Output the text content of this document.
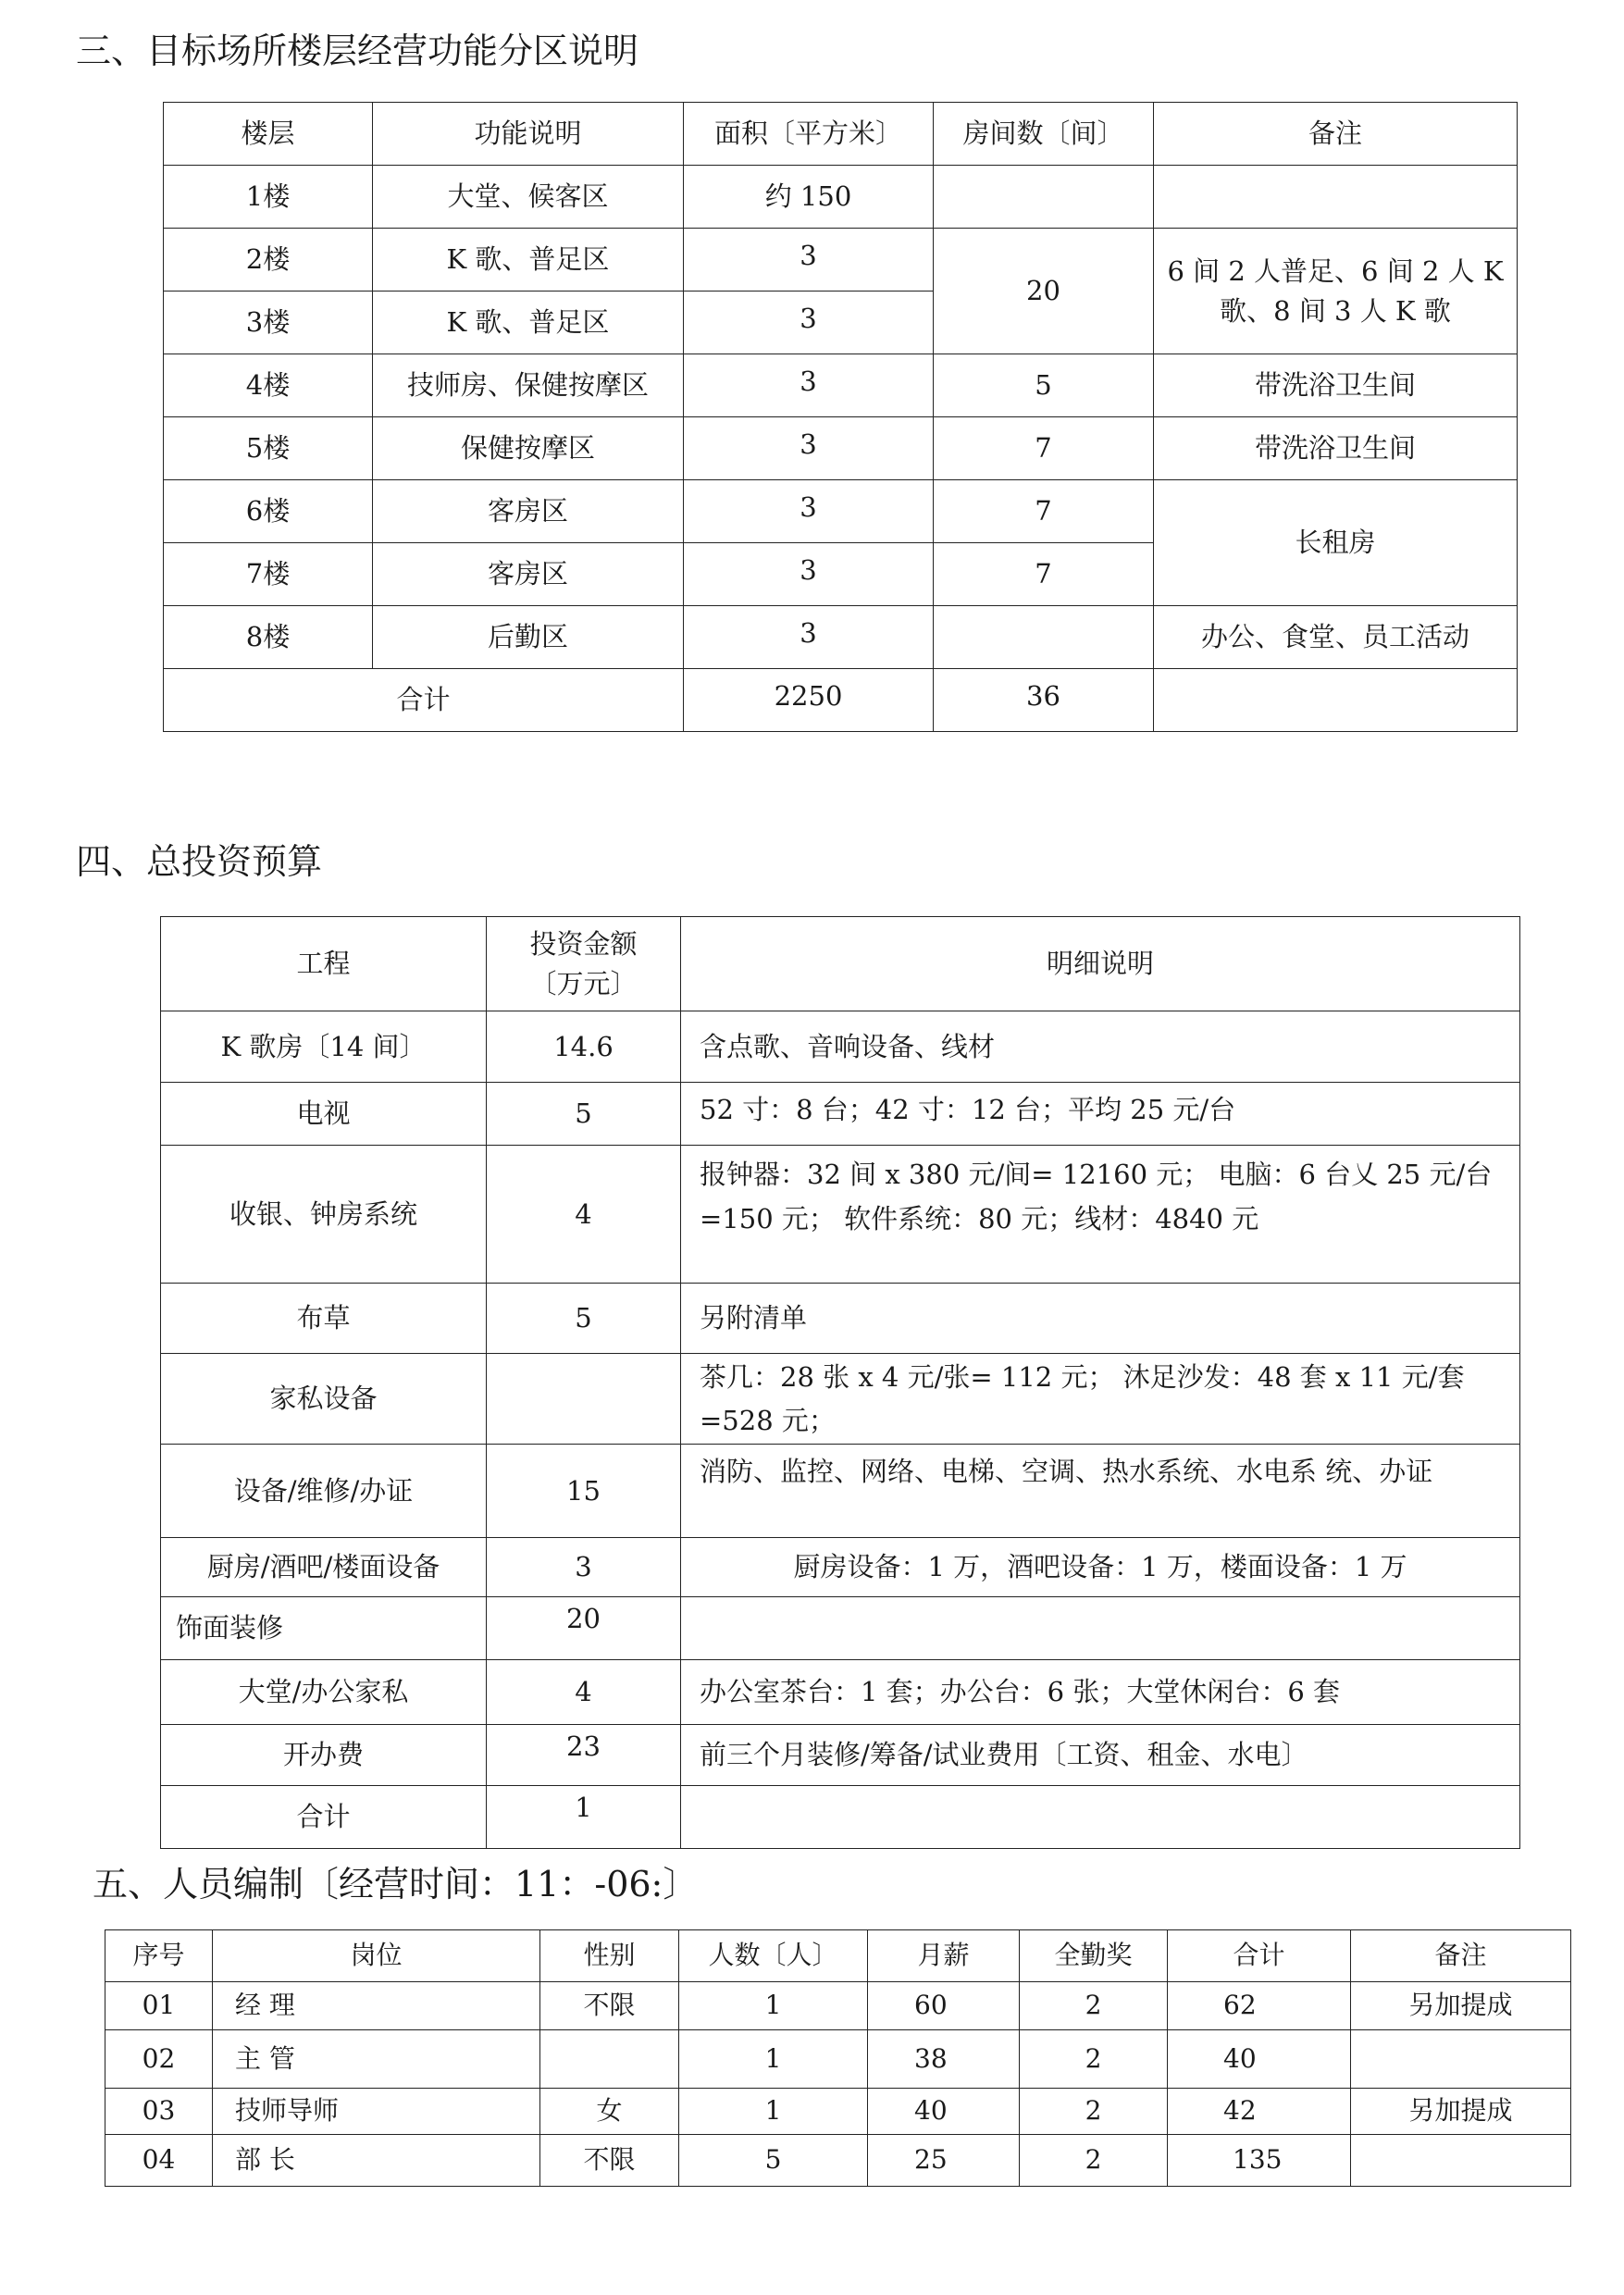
三、目标场所楼层经营功能分区说明
楼层	功能说明	面积〔平方米〕	房间数〔间〕	备注
1楼	大堂、候客区	约 150		
2楼	K 歌、普足区	3	20	6 间 2 人普足、6 间 2 人 K 歌、8 间 3 人 K 歌
3楼	K 歌、普足区	3		
4楼	技师房、保健按摩区	3	5	带洗浴卫生间
5楼	保健按摩区	3	7	带洗浴卫生间
6楼	客房区	3	7	长租房
7楼	客房区	3	7	
8楼	后勤区	3		办公、食堂、员工活动
合计		2250	36	
四、总投资预算
工程	投资金额〔万元〕	明细说明
K 歌房〔14 间〕	14.6	含点歌、音响设备、线材
电视	5	52 寸：8 台；42 寸：12 台；平均 25 元/台
收银、钟房系统	4	报钟器：32 间 x 380 元/间= 12160 元； 电脑：6 台乂 25 元/台=150 元； 软件系统：80 元；线材：4840 元
布草	5	另附清单
家私设备		茶几：28 张 x 4 元/张= 112 元； 沐足沙发：48 套 x 11 元/套=528 元；
设备/维修/办证	15	消防、监控、网络、电梯、空调、热水系统、水电系 统、办证
厨房/酒吧/楼面设备	3	厨房设备：1 万，酒吧设备：1 万，楼面设备：1 万
饰面装修	20	
大堂/办公家私	4	办公室茶台：1 套；办公台：6 张；大堂休闲台：6 套
开办费	23	前三个月装修/筹备/试业费用〔工资、租金、水电〕
合计	1	
五、人员编制〔经营时间：11：-06:〕
序号	岗位	性别	人数〔人〕	月薪	全勤奖	合计	备注
01	经 理	不限	1	60	2	62	另加提成
02	主 管		1	38	2	40	
03	技师导师	女	1	40	2	42	另加提成
04	部 长	不限	5	25	2	135	
